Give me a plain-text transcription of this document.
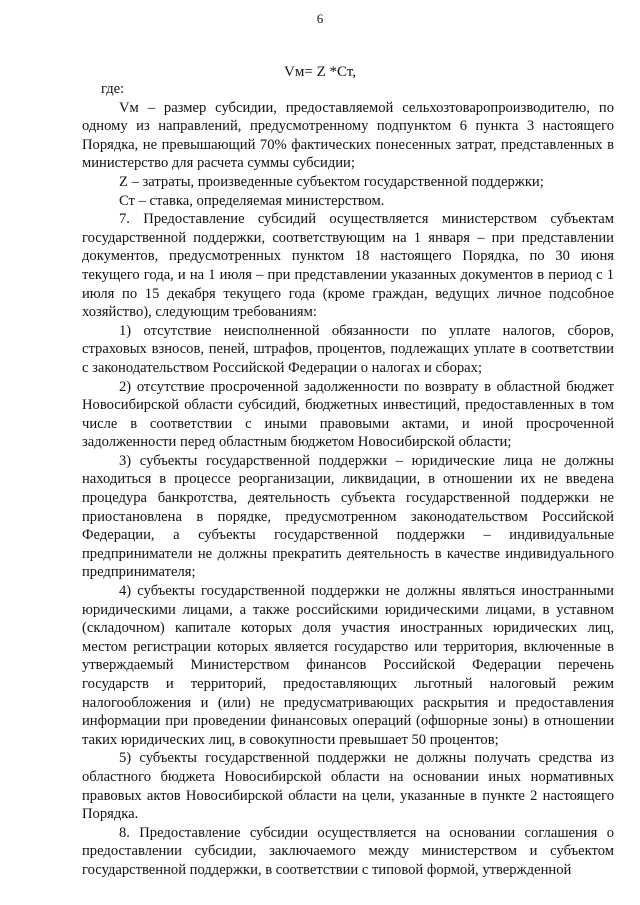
6
Vм= Z *Ст,

где:

Vм – размер субсидии, предоставляемой сельхозтоваропроизводителю, по одному из направлений, предусмотренному подпунктом 6 пункта 3 настоящего Порядка, не превышающий 70% фактических понесенных затрат, представленных в министерство для расчета суммы субсидии;

Z – затраты, произведенные субъектом государственной поддержки;

Ст – ставка, определяемая министерством.

7. Предоставление субсидий осуществляется министерством субъектам государственной поддержки, соответствующим на 1 января – при представлении документов, предусмотренных пунктом 18 настоящего Порядка, по 30 июня текущего года, и на 1 июля – при представлении указанных документов в период с 1 июля по 15 декабря текущего года (кроме граждан, ведущих личное подсобное хозяйство), следующим требованиям:

1) отсутствие неисполненной обязанности по уплате налогов, сборов, страховых взносов, пеней, штрафов, процентов, подлежащих уплате в соответствии с законодательством Российской Федерации о налогах и сборах;

2) отсутствие просроченной задолженности по возврату в областной бюджет Новосибирской области субсидий, бюджетных инвестиций, предоставленных в том числе в соответствии с иными правовыми актами, и иной просроченной задолженности перед областным бюджетом Новосибирской области;

3) субъекты государственной поддержки – юридические лица не должны находиться в процессе реорганизации, ликвидации, в отношении их не введена процедура банкротства, деятельность субъекта государственной поддержки не приостановлена в порядке, предусмотренном законодательством Российской Федерации, а субъекты государственной поддержки – индивидуальные предприниматели не должны прекратить деятельность в качестве индивидуального предпринимателя;

4) субъекты государственной поддержки не должны являться иностранными юридическими лицами, а также российскими юридическими лицами, в уставном (складочном) капитале которых доля участия иностранных юридических лиц, местом регистрации которых является государство или территория, включенные в утверждаемый Министерством финансов Российской Федерации перечень государств и территорий, предоставляющих льготный налоговый режим налогообложения и (или) не предусматривающих раскрытия и предоставления информации при проведении финансовых операций (офшорные зоны) в отношении таких юридических лиц, в совокупности превышает 50 процентов;

5) субъекты государственной поддержки не должны получать средства из областного бюджета Новосибирской области на основании иных нормативных правовых актов Новосибирской области на цели, указанные в пункте 2 настоящего Порядка.

8. Предоставление субсидии осуществляется на основании соглашения о предоставлении субсидии, заключаемого между министерством и субъектом государственной поддержки, в соответствии с типовой формой, утвержденной
